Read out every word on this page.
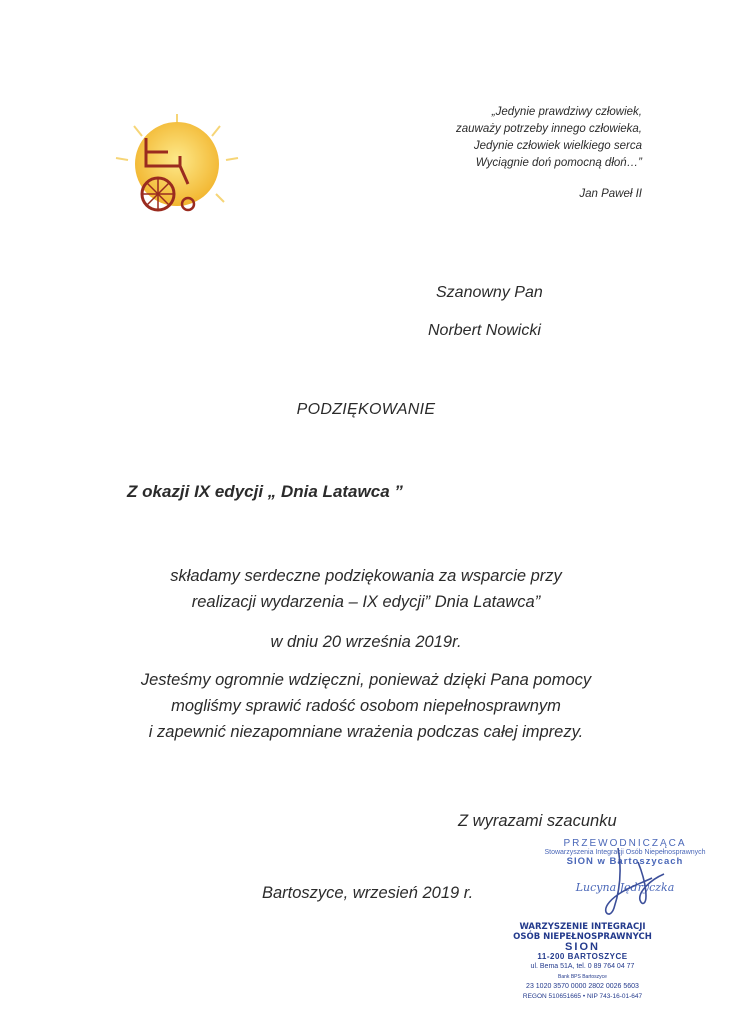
„Jedynie prawdziwy człowiek,
zauważy potrzeby innego człowieka,
Jedynie człowiek wielkiego serca
Wyciągnie doń pomocną dłoń…”
Jan Paweł II
Szanowny Pan
Norbert Nowicki
PODZIĘKOWANIE
Z okazji IX edycji „ Dnia Latawca ”
składamy serdeczne podziękowania za wsparcie przy
realizacji wydarzenia – IX edycji” Dnia Latawca”
w dniu 20 września 2019r.
Jesteśmy ogromnie wdzięczni, ponieważ dzięki Pana pomocy
mogliśmy sprawić radość osobom niepełnosprawnym
i zapewnić niezapomniane wrażenia podczas całej imprezy.
Z wyrazami szacunku
Bartoszyce, wrzesień 2019 r.
PRZEWODNICZĄCA
Stowarzyszenia Integracji Osób Niepełnosprawnych
SION w Bartoszycach
Lucyna Jędryczka
WARZYSZENIE INTEGRACJI
OSÓB NIEPEŁNOSPRAWNYCH
SION
11-200 BARTOSZYCE
ul. Bema 51A, tel. 0 89 764 04 77
Bank BPS Bartoszyce
23 1020 3570 0000 2802 0026 5603
REGON 510651665 • NIP 743-16-01-647
